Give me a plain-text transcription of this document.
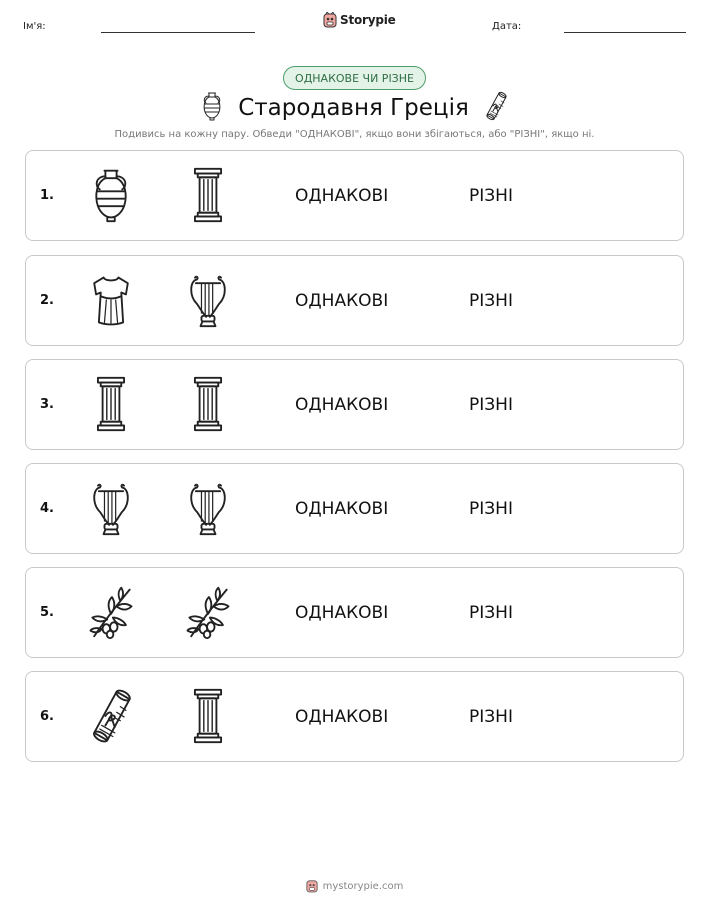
Ім'я:	Storypie	Дата:
ОДНАКОВЕ ЧИ РІЗНЕ
Стародавня Греція
Подивись на кожну пару. Обведи "ОДНАКОВІ", якщо вони збігаються, або "РІЗНІ", якщо ні.
1.	ОДНАКОВІ	РІЗНІ
2.	ОДНАКОВІ	РІЗНІ
3.	ОДНАКОВІ	РІЗНІ
4.	ОДНАКОВІ	РІЗНІ
5.	ОДНАКОВІ	РІЗНІ
6.	ОДНАКОВІ	РІЗНІ
mystorypie.com
